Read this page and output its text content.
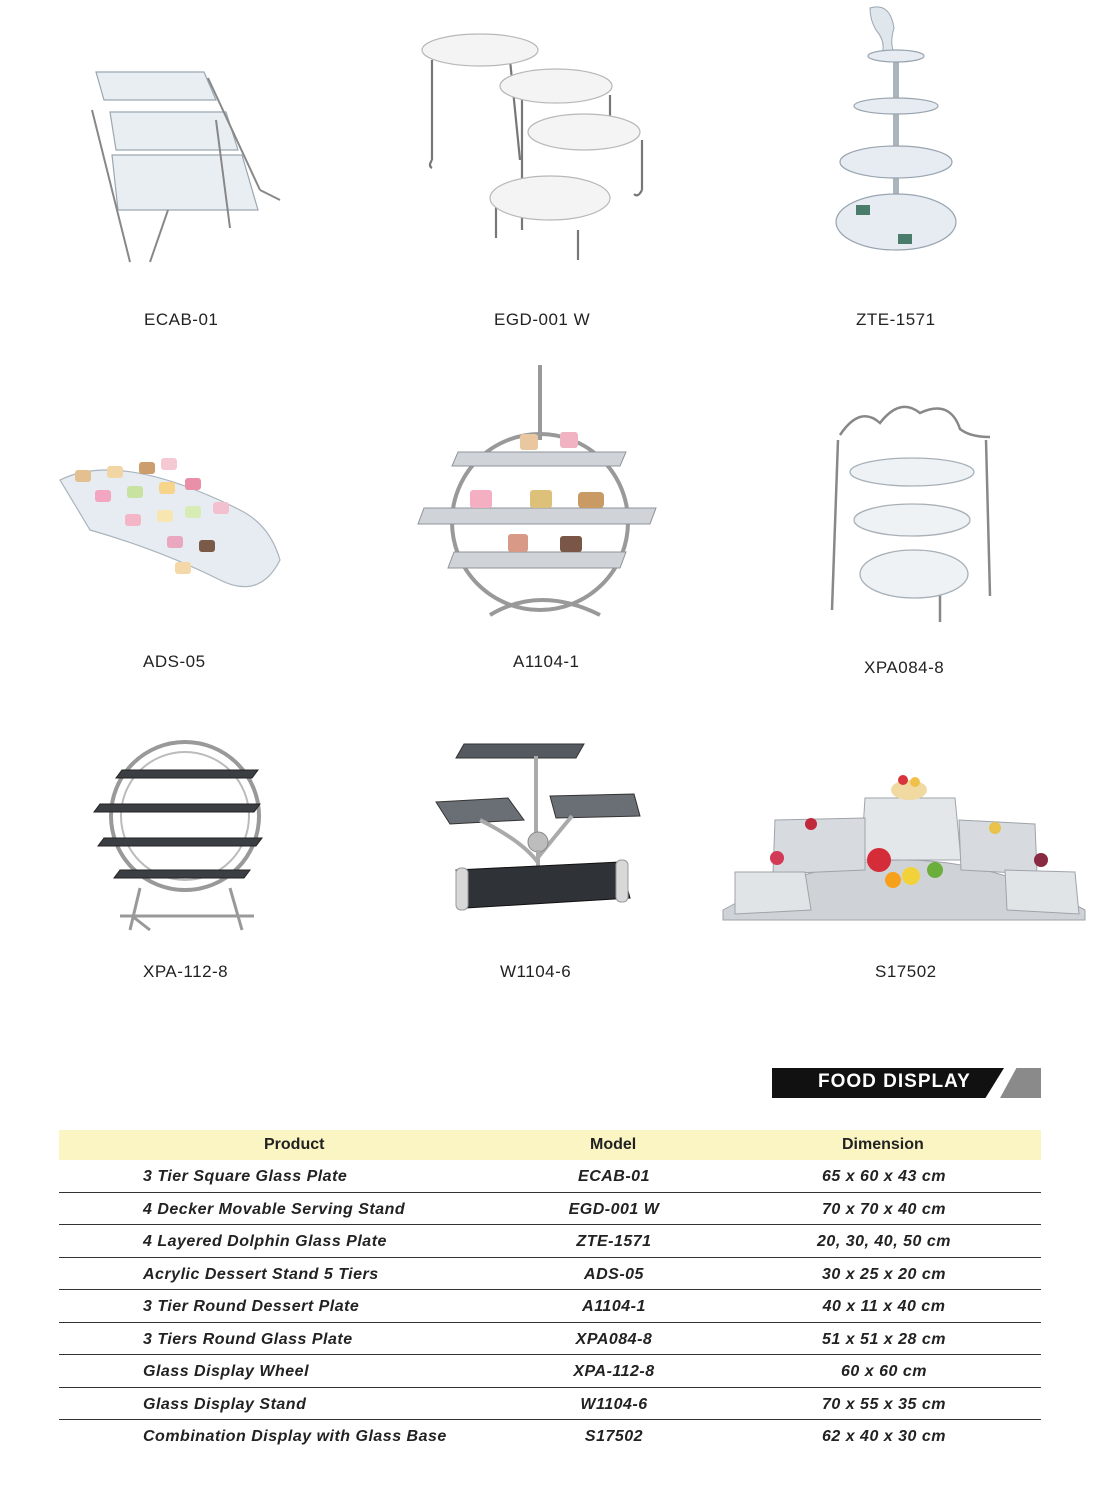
ECAB-01	EGD-001 W	ZTE-1571
ADS-05	A1104-1	XPA084-8
XPA-112-8	W1104-6	S17502
FOOD DISPLAY
Product	Model	Dimension
3 Tier Square Glass Plate	ECAB-01	65 x 60 x 43 cm
4 Decker Movable Serving Stand	EGD-001 W	70 x 70 x 40 cm
4 Layered Dolphin Glass Plate	ZTE-1571	20, 30, 40, 50 cm
Acrylic Dessert Stand 5 Tiers	ADS-05	30 x 25 x 20 cm
3 Tier Round Dessert Plate	A1104-1	40 x 11 x 40 cm
3 Tiers Round Glass Plate	XPA084-8	51 x 51 x 28 cm
Glass Display Wheel	XPA-112-8	60 x 60 cm
Glass Display Stand	W1104-6	70 x 55 x 35 cm
Combination Display with Glass Base	S17502	62 x 40 x 30 cm
